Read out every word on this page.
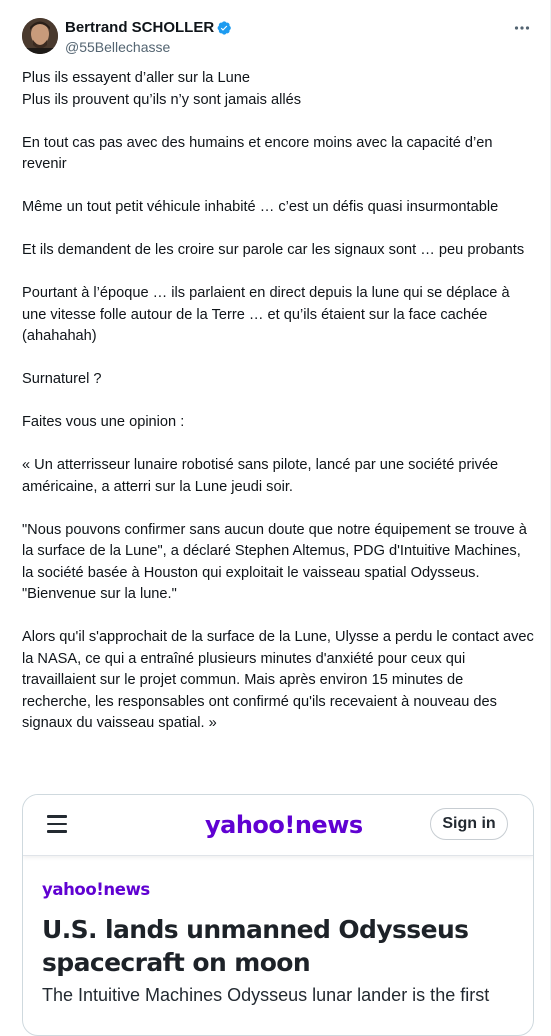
Bertrand SCHOLLER
@55Bellechasse

Plus ils essayent d’aller sur la Lune
Plus ils prouvent qu’ils n’y sont jamais allés

En tout cas pas avec des humains et encore moins avec la capacité d’en revenir

Même un tout petit véhicule inhabité … c’est un défis quasi insurmontable

Et ils demandent de les croire sur parole car les signaux sont … peu probants

Pourtant à l’époque … ils parlaient en direct depuis la lune qui se déplace à une vitesse folle autour de la Terre … et qu’ils étaient sur la face cachée (ahahahah)

Surnaturel ?

Faites vous une opinion :

« Un atterrisseur lunaire robotisé sans pilote, lancé par une société privée américaine, a atterri sur la Lune jeudi soir.

"Nous pouvons confirmer sans aucun doute que notre équipement se trouve à la surface de la Lune", a déclaré Stephen Altemus, PDG d'Intuitive Machines, la société basée à Houston qui exploitait le vaisseau spatial Odysseus. "Bienvenue sur la lune."

Alors qu'il s'approchait de la surface de la Lune, Ulysse a perdu le contact avec la NASA, ce qui a entraîné plusieurs minutes d'anxiété pour ceux qui travaillaient sur le projet commun. Mais après environ 15 minutes de recherche, les responsables ont confirmé qu'ils recevaient à nouveau des signaux du vaisseau spatial. »

yahoo!news	Sign in
yahoo!news
U.S. lands unmanned Odysseus spacecraft on moon
The Intuitive Machines Odysseus lunar lander is the first
